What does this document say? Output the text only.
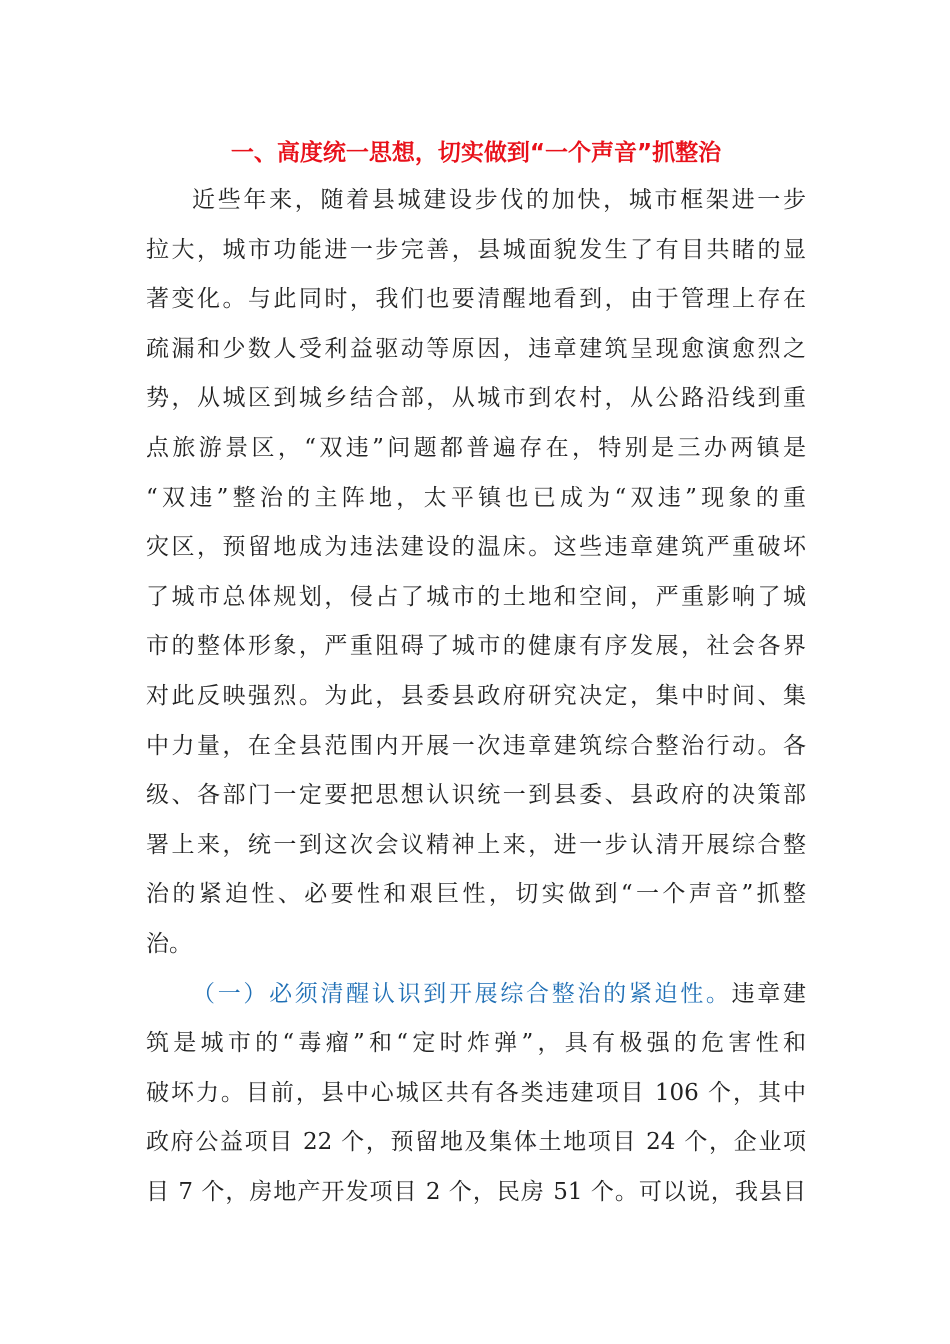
一、高度统一思想，切实做到“一个声音”抓整治
近些年来，随着县城建设步伐的加快，城市框架进一步
拉大，城市功能进一步完善，县城面貌发生了有目共睹的显
著变化。与此同时，我们也要清醒地看到，由于管理上存在
疏漏和少数人受利益驱动等原因，违章建筑呈现愈演愈烈之
势，从城区到城乡结合部，从城市到农村，从公路沿线到重
点旅游景区，“双违”问题都普遍存在，特别是三办两镇是
“双违”整治的主阵地，太平镇也已成为“双违”现象的重
灾区，预留地成为违法建设的温床。这些违章建筑严重破坏
了城市总体规划，侵占了城市的土地和空间，严重影响了城
市的整体形象，严重阻碍了城市的健康有序发展，社会各界
对此反映强烈。为此，县委县政府研究决定，集中时间、集
中力量，在全县范围内开展一次违章建筑综合整治行动。各
级、各部门一定要把思想认识统一到县委、县政府的决策部
署上来，统一到这次会议精神上来，进一步认清开展综合整
治的紧迫性、必要性和艰巨性，切实做到“一个声音”抓整
治。
（一）必须清醒认识到开展综合整治的紧迫性。违章建
筑是城市的“毒瘤”和“定时炸弹”，具有极强的危害性和
破坏力。目前，县中心城区共有各类违建项目 106 个，其中
政府公益项目 22 个，预留地及集体土地项目 24 个，企业项
目 7 个，房地产开发项目 2 个，民房 51 个。可以说，我县目
